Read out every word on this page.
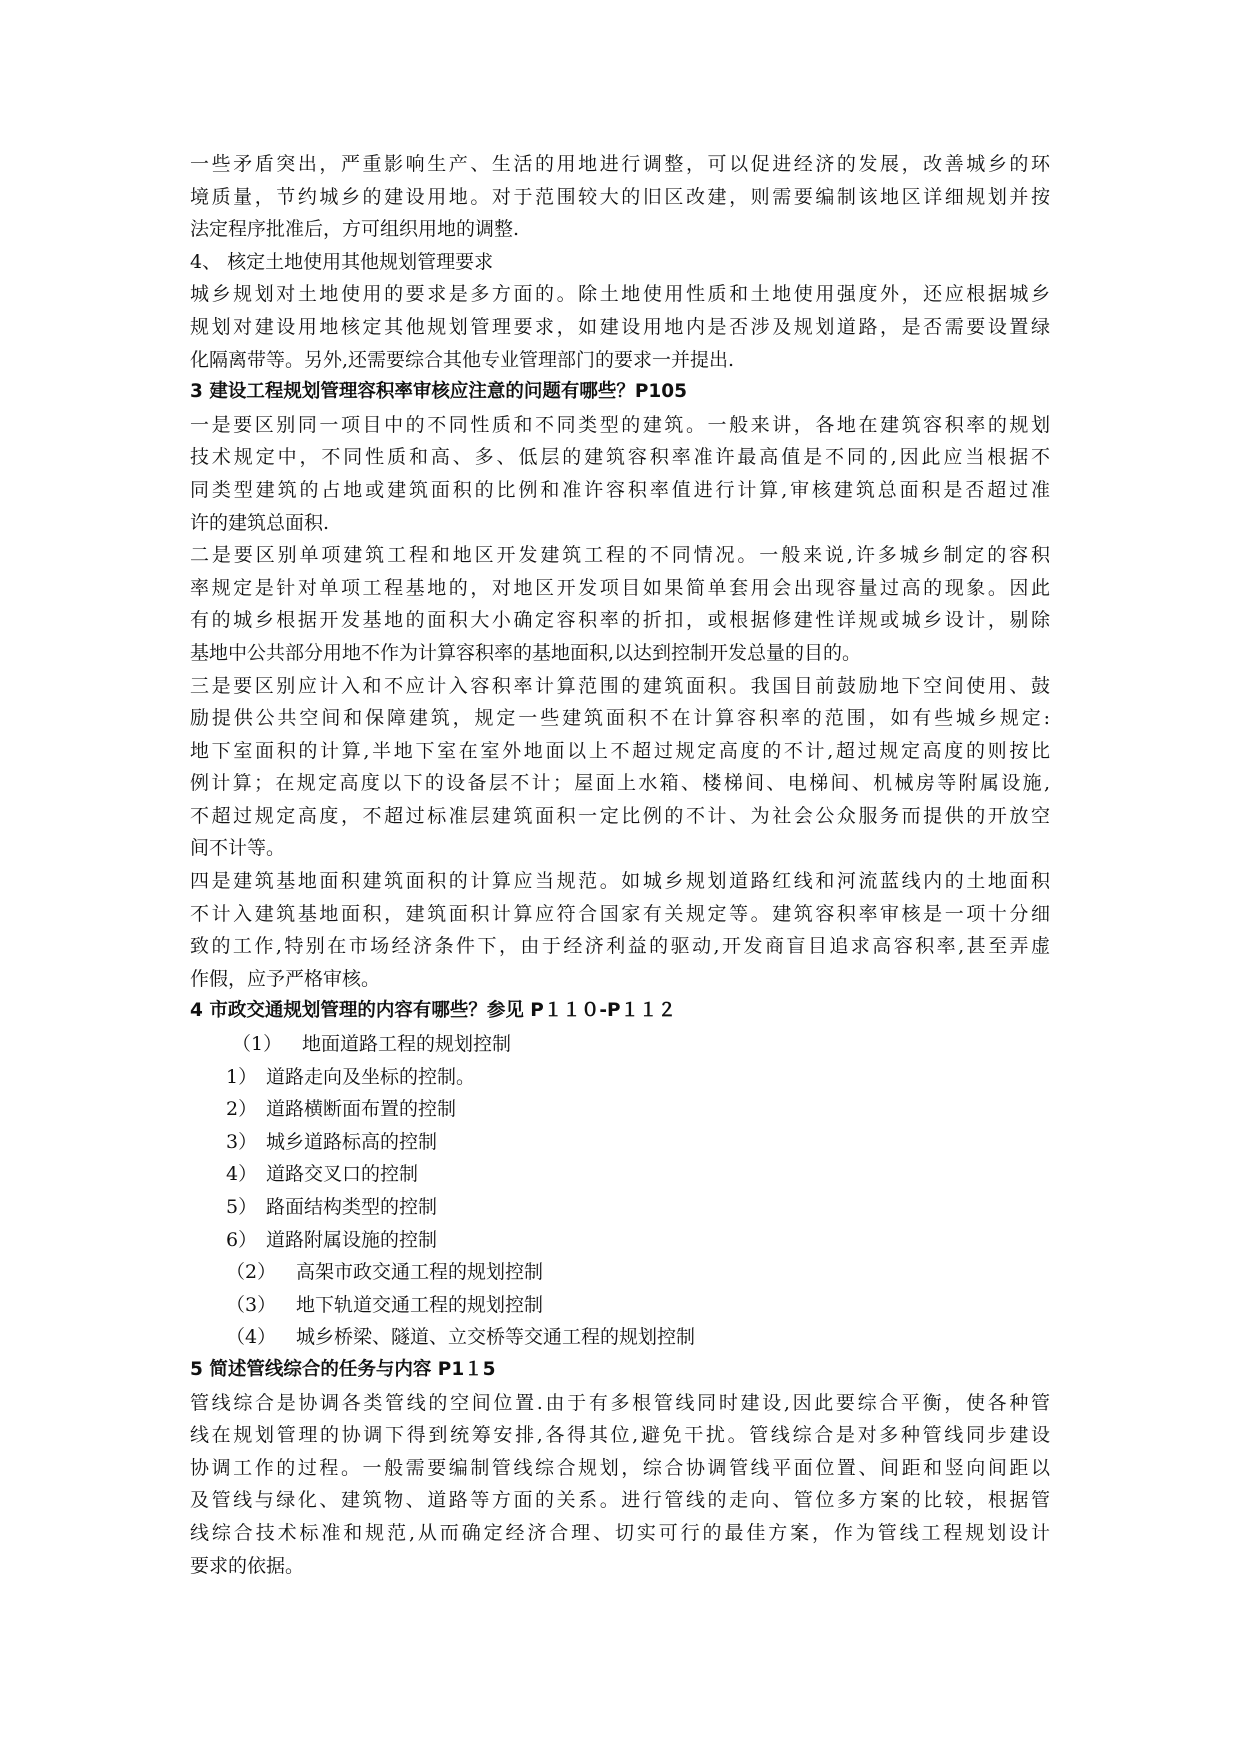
一些矛盾突出，严重影响生产、生活的用地进行调整，可以促进经济的发展，改善城乡的环
境质量，节约城乡的建设用地。对于范围较大的旧区改建，则需要编制该地区详细规划并按
法定程序批准后，方可组织用地的调整.
4、 核定土地使用其他规划管理要求
城乡规划对土地使用的要求是多方面的。除土地使用性质和土地使用强度外，还应根据城乡
规划对建设用地核定其他规划管理要求，如建设用地内是否涉及规划道路，是否需要设置绿
化隔离带等。另外,还需要综合其他专业管理部门的要求一并提出.
3 建设工程规划管理容积率审核应注意的问题有哪些？P105
一是要区别同一项目中的不同性质和不同类型的建筑。一般来讲，各地在建筑容积率的规划
技术规定中，不同性质和高、多、低层的建筑容积率准许最高值是不同的,因此应当根据不
同类型建筑的占地或建筑面积的比例和准许容积率值进行计算,审核建筑总面积是否超过准
许的建筑总面积.
二是要区别单项建筑工程和地区开发建筑工程的不同情况。一般来说,许多城乡制定的容积
率规定是针对单项工程基地的，对地区开发项目如果简单套用会出现容量过高的现象。因此
有的城乡根据开发基地的面积大小确定容积率的折扣，或根据修建性详规或城乡设计，剔除
基地中公共部分用地不作为计算容积率的基地面积,以达到控制开发总量的目的。
三是要区别应计入和不应计入容积率计算范围的建筑面积。我国目前鼓励地下空间使用、鼓
励提供公共空间和保障建筑，规定一些建筑面积不在计算容积率的范围，如有些城乡规定:
地下室面积的计算,半地下室在室外地面以上不超过规定高度的不计,超过规定高度的则按比
例计算；在规定高度以下的设备层不计；屋面上水箱、楼梯间、电梯间、机械房等附属设施,
不超过规定高度，不超过标准层建筑面积一定比例的不计、为社会公众服务而提供的开放空
间不计等。
四是建筑基地面积建筑面积的计算应当规范。如城乡规划道路红线和河流蓝线内的土地面积
不计入建筑基地面积，建筑面积计算应符合国家有关规定等。建筑容积率审核是一项十分细
致的工作,特别在市场经济条件下，由于经济利益的驱动,开发商盲目追求高容积率,甚至弄虚
作假，应予严格审核。
4 市政交通规划管理的内容有哪些？参见 P１１０-P１１２
（1） 地面道路工程的规划控制
1） 道路走向及坐标的控制。
2） 道路横断面布置的控制
3） 城乡道路标高的控制
4） 道路交叉口的控制
5） 路面结构类型的控制
6） 道路附属设施的控制
（2） 高架市政交通工程的规划控制
（3） 地下轨道交通工程的规划控制
（4） 城乡桥梁、隧道、立交桥等交通工程的规划控制
5 简述管线综合的任务与内容 P1１5
管线综合是协调各类管线的空间位置.由于有多根管线同时建设,因此要综合平衡，使各种管
线在规划管理的协调下得到统筹安排,各得其位,避免干扰。管线综合是对多种管线同步建设
协调工作的过程。一般需要编制管线综合规划，综合协调管线平面位置、间距和竖向间距以
及管线与绿化、建筑物、道路等方面的关系。进行管线的走向、管位多方案的比较，根据管
线综合技术标准和规范,从而确定经济合理、切实可行的最佳方案，作为管线工程规划设计
要求的依据。
